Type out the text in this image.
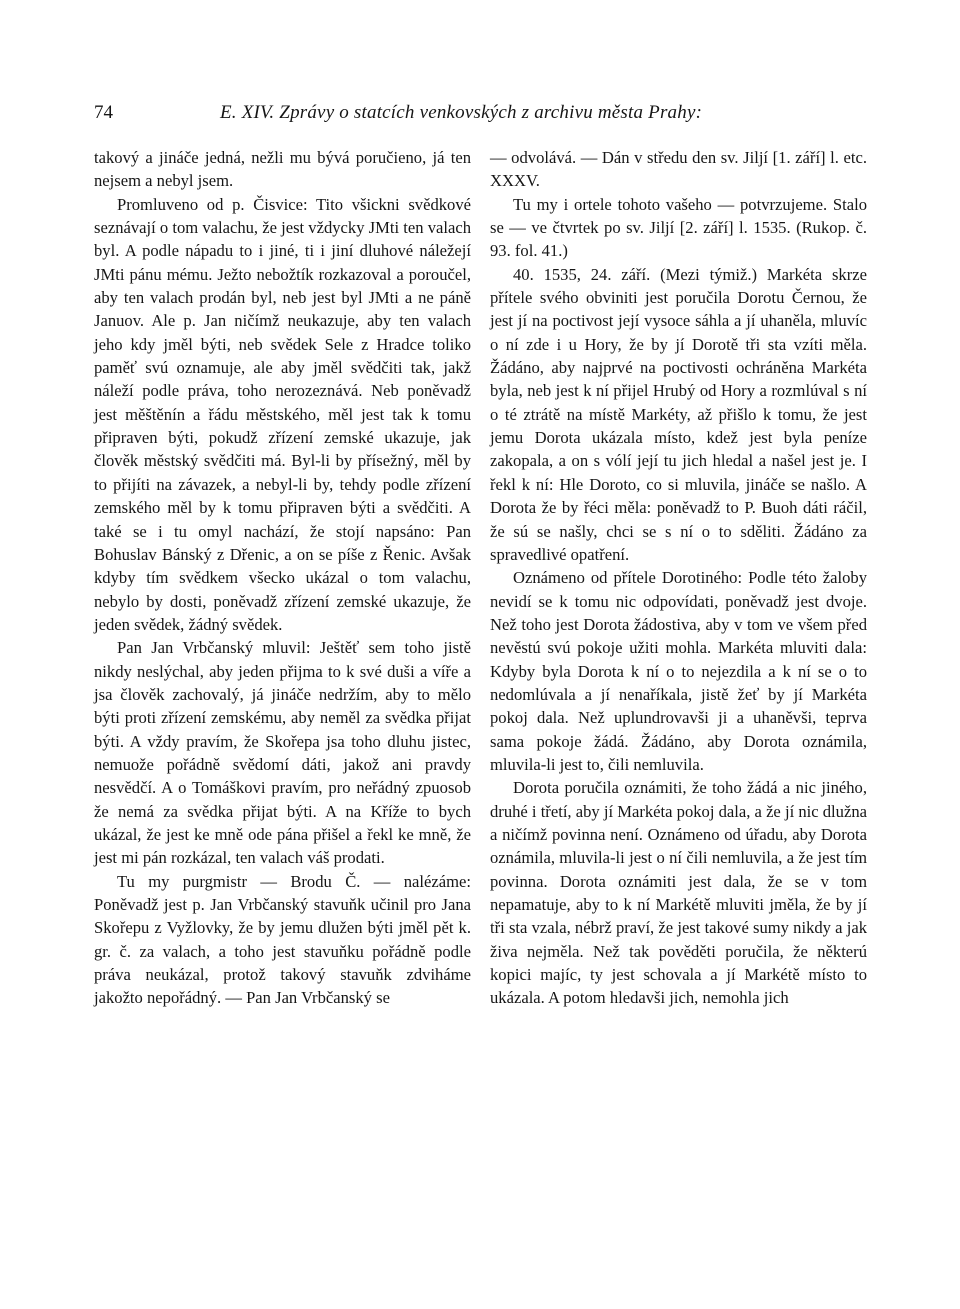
74	E. XIV. Zprávy o statcích venkovských z archivu města Prahy:

takový a jináče jedná, nežli mu bývá poručieno, já ten nejsem a nebyl jsem.

Promluveno od p. Čisvice: Tito všickni svědkové seznávají o tom valachu, že jest vždycky JMti ten valach byl. A podle nápadu to i jiné, ti i jiní dluhové náležejí JMti pánu mému. Ježto nebožtík rozkazoval a poroučel, aby ten valach prodán byl, neb jest byl JMti a ne páně Januov. Ale p. Jan ničímž neukazuje, aby ten valach jeho kdy jměl býti, neb svědek Sele z Hradce toliko paměť svú oznamuje, ale aby jměl svědčiti tak, jakž náleží podle práva, toho nerozeznává. Neb poněvadž jest měštěnín a řádu městského, měl jest tak k tomu připraven býti, pokudž zřízení zemské ukazuje, jak člověk městský svědčiti má. Byl-li by přísežný, měl by to přijíti na závazek, a nebyl-li by, tehdy podle zřízení zemského měl by k tomu připraven býti a svědčiti. A také se i tu omyl nachází, že stojí napsáno: Pan Bohuslav Bánský z Dřenic, a on se píše z Řenic. Avšak kdyby tím svědkem všecko ukázal o tom valachu, nebylo by dosti, poněvadž zřízení zemské ukazuje, že jeden svědek, žádný svědek.

Pan Jan Vrbčanský mluvil: Ještěť sem toho jistě nikdy neslýchal, aby jeden přijma to k své duši a víře a jsa člověk zachovalý, já jináče nedržím, aby to mělo býti proti zřízení zemskému, aby neměl za svědka přijat býti. A vždy pravím, že Skořepa jsa toho dluhu jistec, nemuože pořádně svědomí dáti, jakož ani pravdy nesvědčí. A o Tomáškovi pravím, pro neřádný zpuosob že nemá za svědka přijat býti. A na Kříže to bych ukázal, že jest ke mně ode pána přišel a řekl ke mně, že jest mi pán rozkázal, ten valach váš prodati.

Tu my purgmistr — Brodu Č. — nalézáme: Poněvadž jest p. Jan Vrbčanský stavuňk učinil pro Jana Skořepu z Vyžlovky, že by jemu dlužen býti jměl pět k. gr. č. za valach, a toho jest stavuňku pořádně podle práva neukázal, protož takový stavuňk zdviháme jakožto nepořádný. — Pan Jan Vrbčanský se

— odvolává. — Dán v středu den sv. Jiljí [1. září] l. etc. XXXV.

Tu my i ortele tohoto vašeho — potvrzujeme. Stalo se — ve čtvrtek po sv. Jiljí [2. září] l. 1535. (Rukop. č. 93. fol. 41.)

40. 1535, 24. září. (Mezi týmiž.) Markéta skrze přítele svého obviniti jest poručila Dorotu Černou, že jest jí na poctivost její vysoce sáhla a jí uhaněla, mluvíc o ní zde i u Hory, že by jí Dorotě tři sta vzíti měla. Žádáno, aby najprvé na poctivosti ochráněna Markéta byla, neb jest k ní přijel Hrubý od Hory a rozmlúval s ní o té ztrátě na místě Markéty, až přišlo k tomu, že jest jemu Dorota ukázala místo, kdež jest byla peníze zakopala, a on s vólí její tu jich hledal a našel jest je. I řekl k ní: Hle Doroto, co si mluvila, jináče se našlo. A Dorota že by řéci měla: poněvadž to P. Buoh dáti ráčil, že sú se našly, chci se s ní o to sděliti. Žádáno za spravedlivé opatření.

Oznámeno od přítele Dorotiného: Podle této žaloby nevidí se k tomu nic odpovídati, poněvadž jest dvoje. Než toho jest Dorota žádostiva, aby v tom ve všem před nevěstú svú pokoje užiti mohla. Markéta mluviti dala: Kdyby byla Dorota k ní o to nejezdila a k ní se o to nedomlúvala a jí nenaříkala, jistě žeť by jí Markéta pokoj dala. Než uplundrovavši ji a uhaněvši, teprva sama pokoje žádá. Žádáno, aby Dorota oznámila, mluvila-li jest to, čili nemluvila.

Dorota poručila oznámiti, že toho žádá a nic jiného, druhé i třetí, aby jí Markéta pokoj dala, a že jí nic dlužna a ničímž povinna není. Oznámeno od úřadu, aby Dorota oznámila, mluvila-li jest o ní čili nemluvila, a že jest tím povinna. Dorota oznámiti jest dala, že se v tom nepamatuje, aby to k ní Markétě mluviti jměla, že by jí tři sta vzala, nébrž praví, že jest takové sumy nikdy a jak živa nejměla. Než tak pověděti poručila, že některú kopici majíc, ty jest schovala a jí Markétě místo to ukázala. A potom hledavši jich, nemohla jich
